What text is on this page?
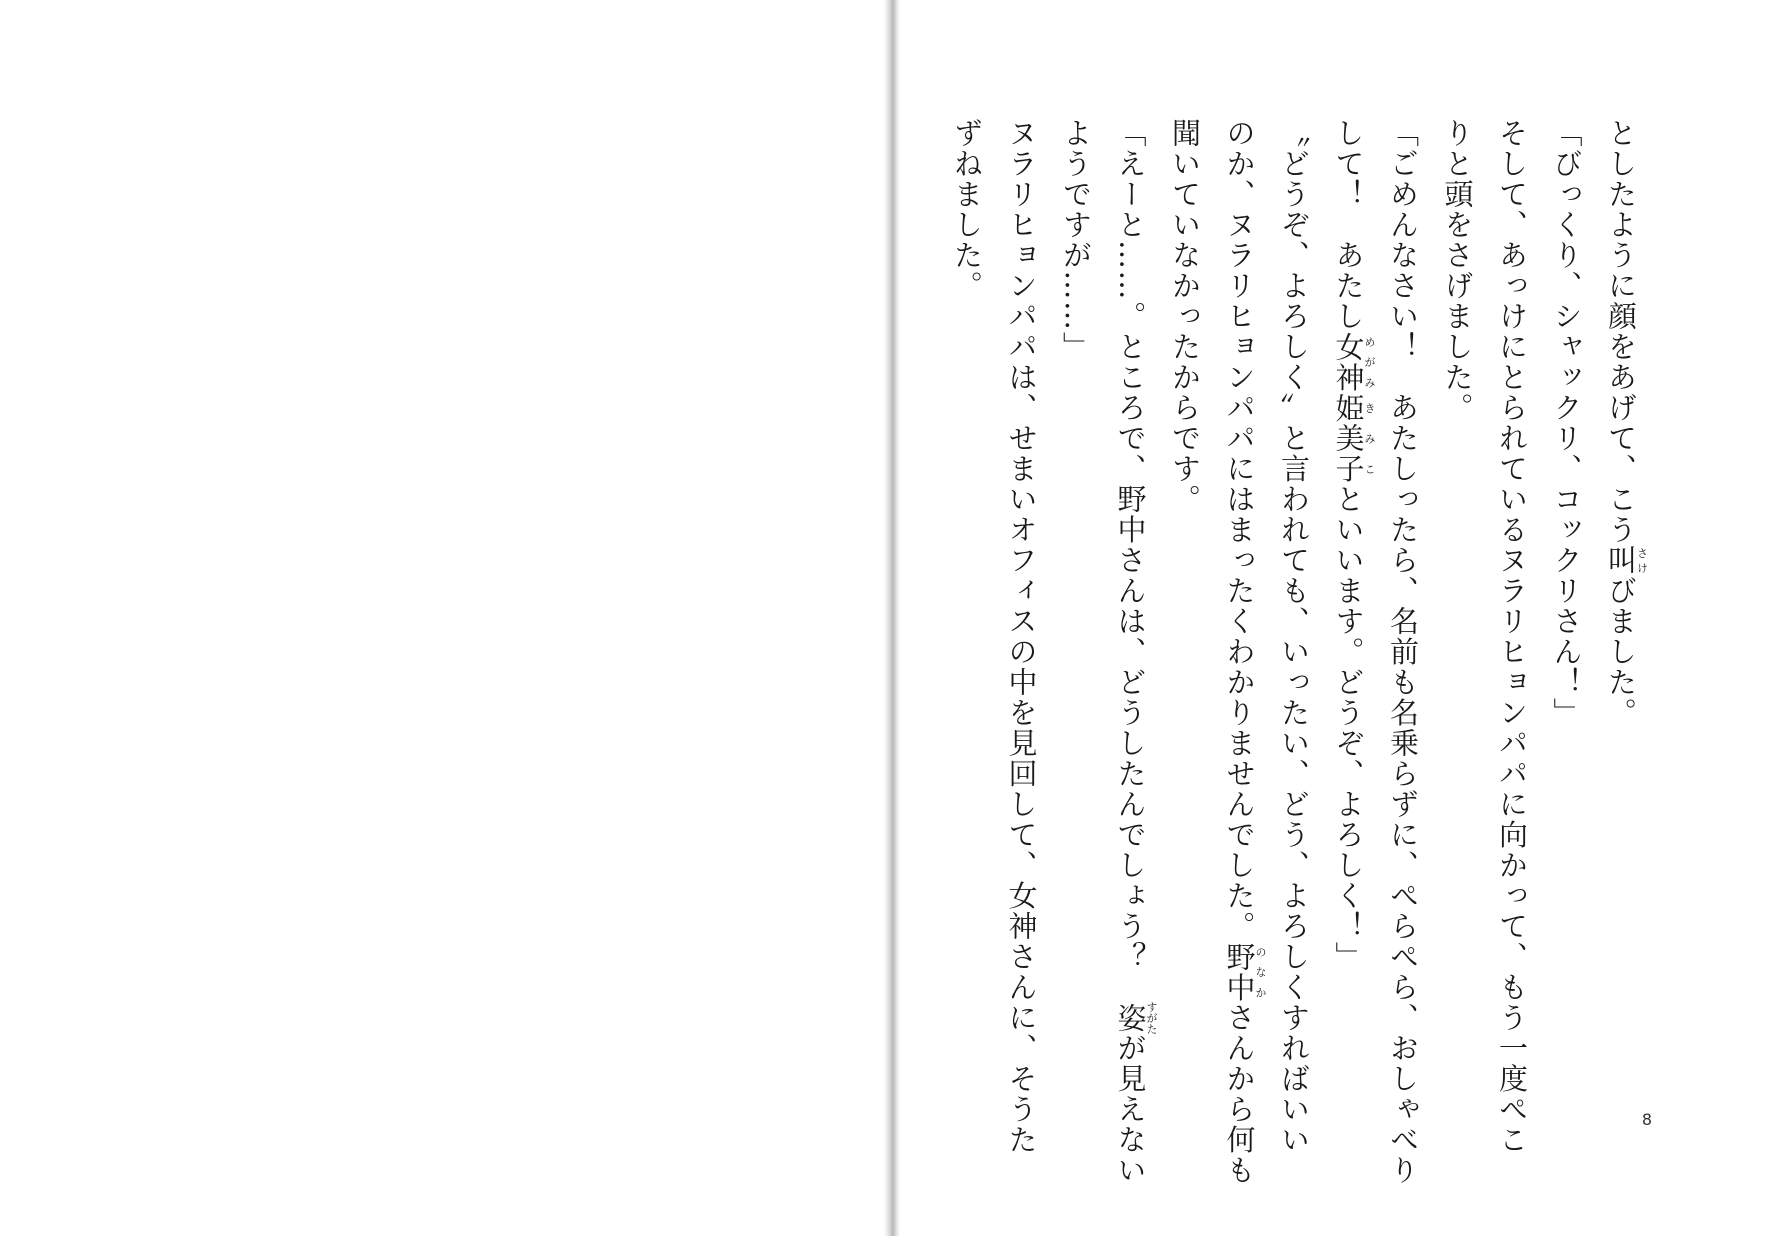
としたように顔をあげて、こう叫さけびました。

「びっくり、シャックリ、コックリさん！」

そして、あっけにとられているヌラリヒョンパパに向かって、もう一度ぺこ

りと頭をさげました。

「ごめんなさい！　あたしったら、名前も名乗らずに、ぺらぺら、おしゃべり

して！　あたし女神めがみ姫き美子みこといいます。どうぞ、よろしく！」

〝どうぞ、よろしく〟と言われても、いったい、どう、よろしくすればいい

のか、ヌラリヒョンパパにはまったくわかりませんでした。野中のなかさんから何も

聞いていなかったからです。

「えーと……。ところで、野中さんは、どうしたんでしょう？　姿すがたが見えない

ようですが……」

ヌラリヒョンパパは、せまいオフィスの中を見回して、女神さんに、そうた

ずねました。

8
